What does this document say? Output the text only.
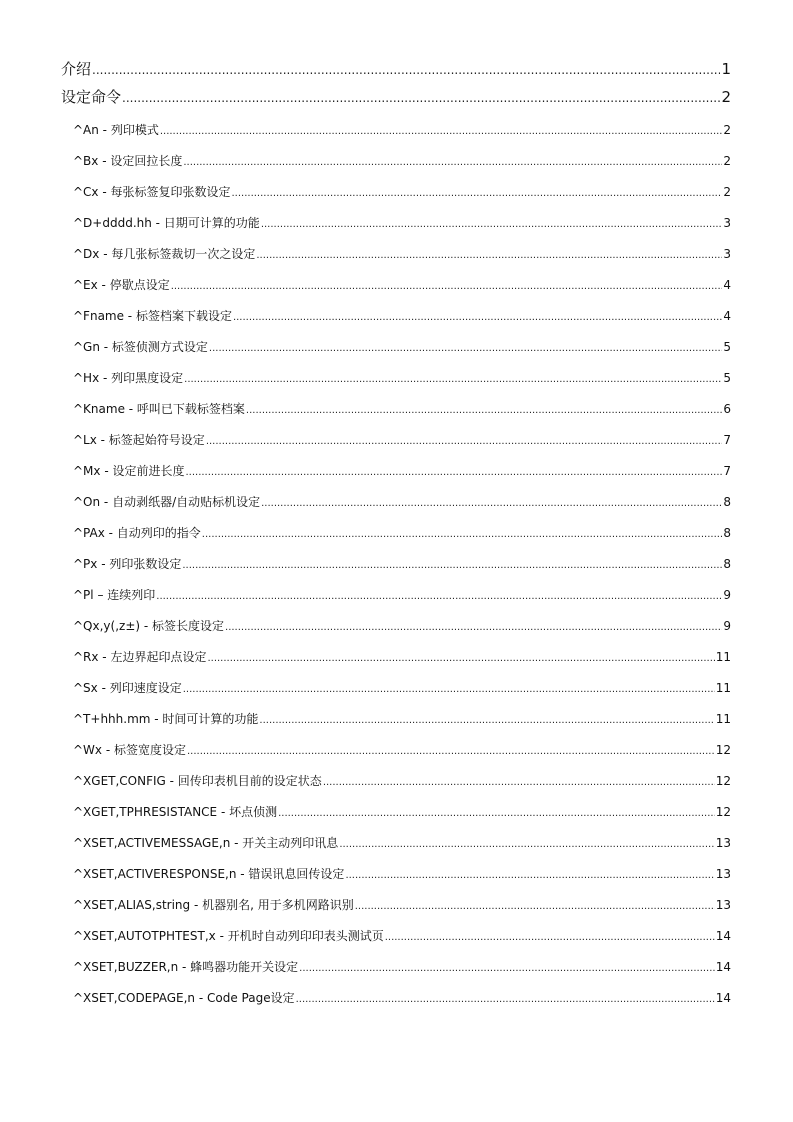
介绍 .....	1
设定命令 .....	2
^An - 列印模式 .....	2
^Bx - 设定回拉长度 .....	2
^Cx - 每张标签复印张数设定 .....	2
^D+dddd.hh - 日期可计算的功能 .....	3
^Dx - 每几张标签裁切一次之设定 .....	3
^Ex - 停歇点设定 .....	4
^Fname - 标签档案下载设定 .....	4
^Gn - 标签侦测方式设定 .....	5
^Hx - 列印黑度设定 .....	5
^Kname - 呼叫已下载标签档案 .....	6
^Lx - 标签起始符号设定 .....	7
^Mx - 设定前进长度 .....	7
^On - 自动剥纸器/自动贴标机设定 .....	8
^PAx - 自动列印的指令 .....	8
^Px - 列印张数设定 .....	8
^Pl – 连续列印 .....	9
^Qx,y(,z±) - 标签长度设定 .....	9
^Rx - 左边界起印点设定 .....	11
^Sx - 列印速度设定 .....	11
^T+hhh.mm - 时间可计算的功能 .....	11
^Wx - 标签宽度设定 .....	12
^XGET,CONFIG - 回传印表机目前的设定状态 .....	12
^XGET,TPHRESISTANCE - 坏点侦测 .....	12
^XSET,ACTIVEMESSAGE,n - 开关主动列印讯息 .....	13
^XSET,ACTIVERESPONSE,n - 错误讯息回传设定 .....	13
^XSET,ALIAS,string - 机器别名, 用于多机网路识别 .....	13
^XSET,AUTOTPHTEST,x - 开机时自动列印印表头测试页 .....	14
^XSET,BUZZER,n - 蜂鸣器功能开关设定 .....	14
^XSET,CODEPAGE,n - Code Page设定 .....	14
